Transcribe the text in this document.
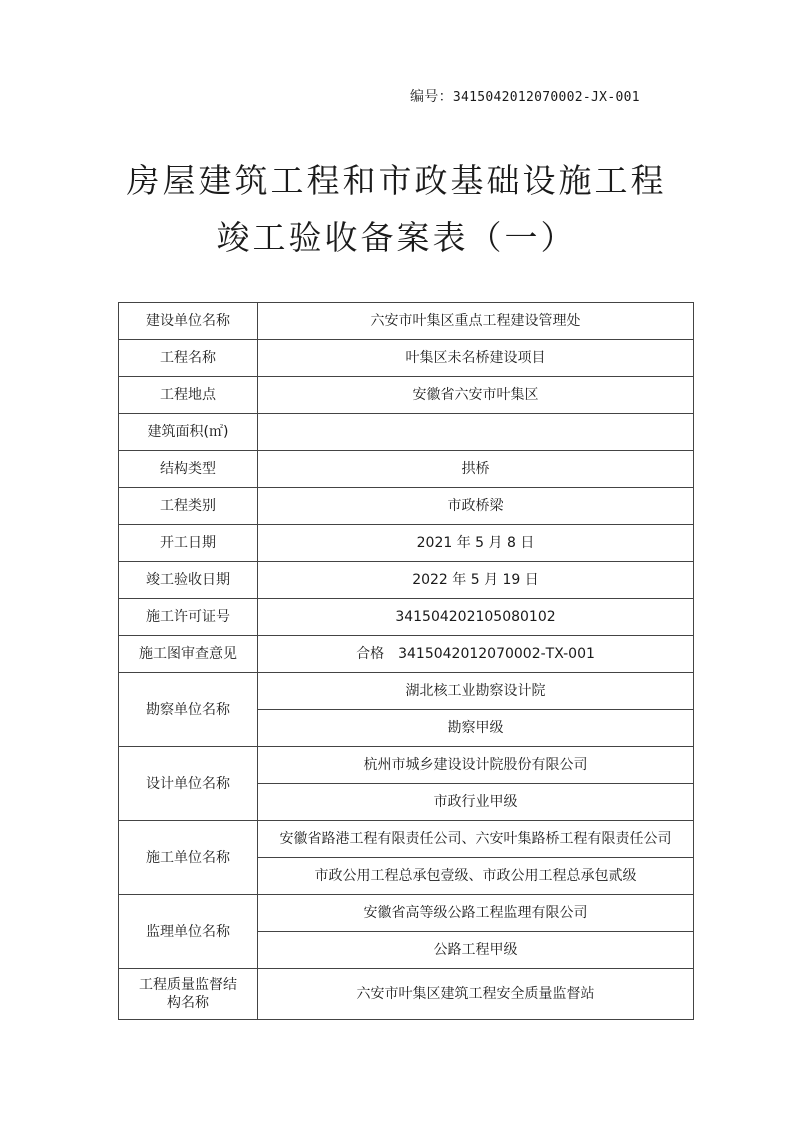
编号：3415042012070002-JX-001
房屋建筑工程和市政基础设施工程
竣工验收备案表（一）
建设单位名称	六安市叶集区重点工程建设管理处
工程名称	叶集区未名桥建设项目
工程地点	安徽省六安市叶集区
建筑面积(㎡)	
结构类型	拱桥
工程类别	市政桥梁
开工日期	2021 年 5 月 8 日
竣工验收日期	2022 年 5 月 19 日
施工许可证号	341504202105080102
施工图审查意见	合格　3415042012070002-TX-001
勘察单位名称	湖北核工业勘察设计院
	勘察甲级
设计单位名称	杭州市城乡建设设计院股份有限公司
	市政行业甲级
施工单位名称	安徽省路港工程有限责任公司、六安叶集路桥工程有限责任公司
	市政公用工程总承包壹级、市政公用工程总承包贰级
监理单位名称	安徽省高等级公路工程监理有限公司
	公路工程甲级
工程质量监督结构名称	六安市叶集区建筑工程安全质量监督站
